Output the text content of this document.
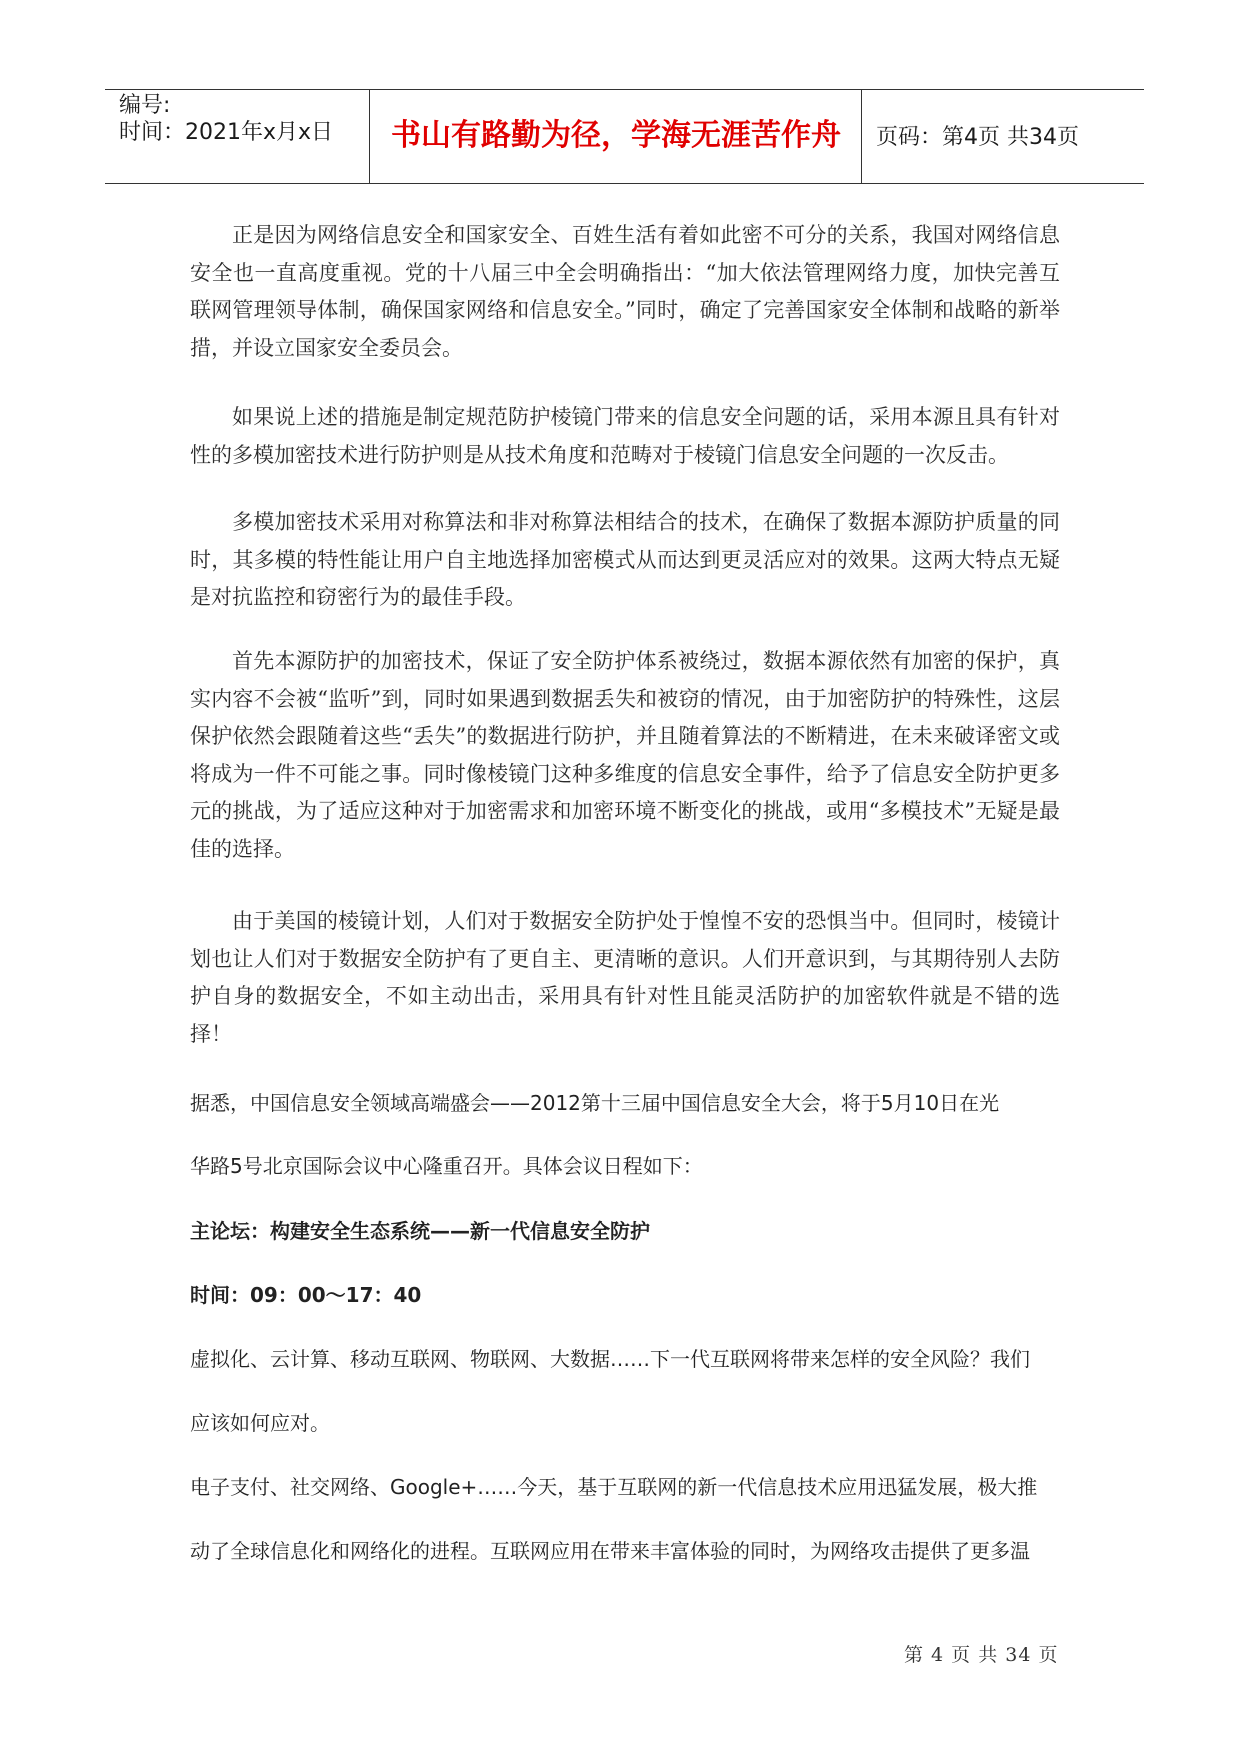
编号:
时间：2021年x月x日	书山有路勤为径，学海无涯苦作舟	页码：第4页 共34页
正是因为网络信息安全和国家安全、百姓生活有着如此密不可分的关系，我国对网络信息安全也一直高度重视。党的十八届三中全会明确指出：“加大依法管理网络力度，加快完善互联网管理领导体制，确保国家网络和信息安全。”同时，确定了完善国家安全体制和战略的新举措，并设立国家安全委员会。
如果说上述的措施是制定规范防护棱镜门带来的信息安全问题的话，采用本源且具有针对性的多模加密技术进行防护则是从技术角度和范畴对于棱镜门信息安全问题的一次反击。
多模加密技术采用对称算法和非对称算法相结合的技术，在确保了数据本源防护质量的同时，其多模的特性能让用户自主地选择加密模式从而达到更灵活应对的效果。这两大特点无疑是对抗监控和窃密行为的最佳手段。
首先本源防护的加密技术，保证了安全防护体系被绕过，数据本源依然有加密的保护，真实内容不会被“监听”到，同时如果遇到数据丢失和被窃的情况，由于加密防护的特殊性，这层保护依然会跟随着这些“丢失”的数据进行防护，并且随着算法的不断精进，在未来破译密文或将成为一件不可能之事。同时像棱镜门这种多维度的信息安全事件，给予了信息安全防护更多元的挑战，为了适应这种对于加密需求和加密环境不断变化的挑战，或用“多模技术”无疑是最佳的选择。
由于美国的棱镜计划，人们对于数据安全防护处于惶惶不安的恐惧当中。但同时，棱镜计划也让人们对于数据安全防护有了更自主、更清晰的意识。人们开意识到，与其期待别人去防护自身的数据安全，不如主动出击，采用具有针对性且能灵活防护的加密软件就是不错的选择！
据悉，中国信息安全领域高端盛会——2012第十三届中国信息安全大会，将于5月10日在光
华路5号北京国际会议中心隆重召开。具体会议日程如下：
主论坛：构建安全生态系统——新一代信息安全防护
时间：09：00～17：40
虚拟化、云计算、移动互联网、物联网、大数据……下一代互联网将带来怎样的安全风险？我们
应该如何应对。
电子支付、社交网络、Google+……今天，基于互联网的新一代信息技术应用迅猛发展，极大推
动了全球信息化和网络化的进程。互联网应用在带来丰富体验的同时，为网络攻击提供了更多温
第 4 页 共 34 页
